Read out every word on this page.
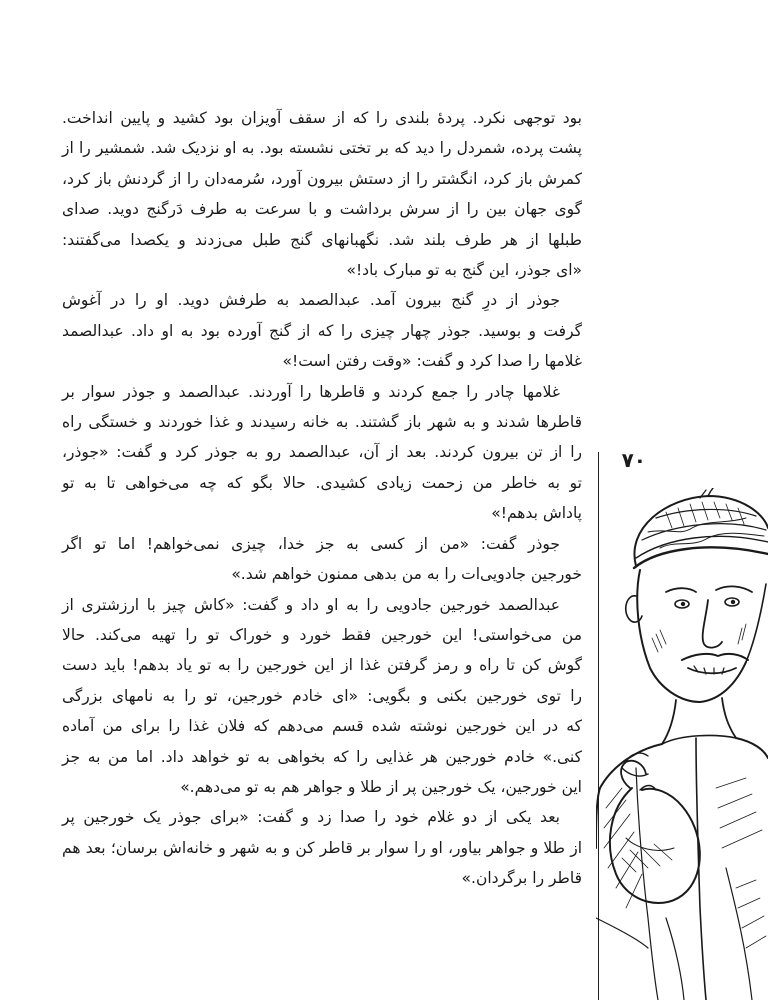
بود توجهی نکرد. پردهٔ بلندی را که از سقف آویزان بود کشید و پایین انداخت.
پشت پرده، شمردل را دید که بر تختی نشسته بود. به او نزدیک شد. شمشیر را از
کمرش باز کرد، انگشتر را از دستش بیرون آورد، سُرمه‌دان را از گردنش باز کرد،
گوی جهان بین را از سرش برداشت و با سرعت به طرف دَرگنج دوید. صدای
طبلها از هر طرف بلند شد. نگهبانهای گنج طبل می‌زدند و یکصدا می‌گفتند:
«ای جوذر، این گنج به تو مبارک باد!»

جوذر از درِ گنج بیرون آمد. عبدالصمد به طرفش دوید. او را در آغوش
گرفت و بوسید. جوذر چهار چیزی را که از گنج آورده بود به او داد. عبدالصمد
غلامها را صدا کرد و گفت: «وقت رفتن است!»

غلامها چادر را جمع کردند و قاطرها را آوردند. عبدالصمد و جوذر سوار بر
قاطرها شدند و به شهر باز گشتند. به خانه رسیدند و غذا خوردند و خستگی راه
را از تن بیرون کردند. بعد از آن، عبدالصمد رو به جوذر کرد و گفت: «جوذر،
تو به خاطر من زحمت زیادی کشیدی. حالا بگو که چه می‌خواهی تا به تو
پاداش بدهم!»

جوذر گفت: «من از کسی به جز خدا، چیزی نمی‌خواهم! اما تو اگر
خورجین جادویی‌ات را به من بدهی ممنون خواهم شد.»

عبدالصمد خورجین جادویی را به او داد و گفت: «کاش چیز با ارزشتری از
من می‌خواستی! این خورجین فقط خورد و خوراک تو را تهیه می‌کند. حالا
گوش کن تا راه و رمز گرفتن غذا از این خورجین را به تو یاد بدهم! باید دست
را توی خورجین بکنی و بگویی: «ای خادم خورجین، تو را به نامهای بزرگی
که در این خورجین نوشته شده قسم می‌دهم که فلان غذا را برای من آماده
کنی.» خادم خورجین هر غذایی را که بخواهی به تو خواهد داد. اما من به جز
این خورجین، یک خورجین پر از طلا و جواهر هم به تو می‌دهم.»

بعد یکی از دو غلام خود را صدا زد و گفت: «برای جوذر یک خورجین پر
از طلا و جواهر بیاور، او را سوار بر قاطر کن و به شهر و خانه‌اش برسان؛ بعد هم
قاطر را برگردان.»

۷۰
